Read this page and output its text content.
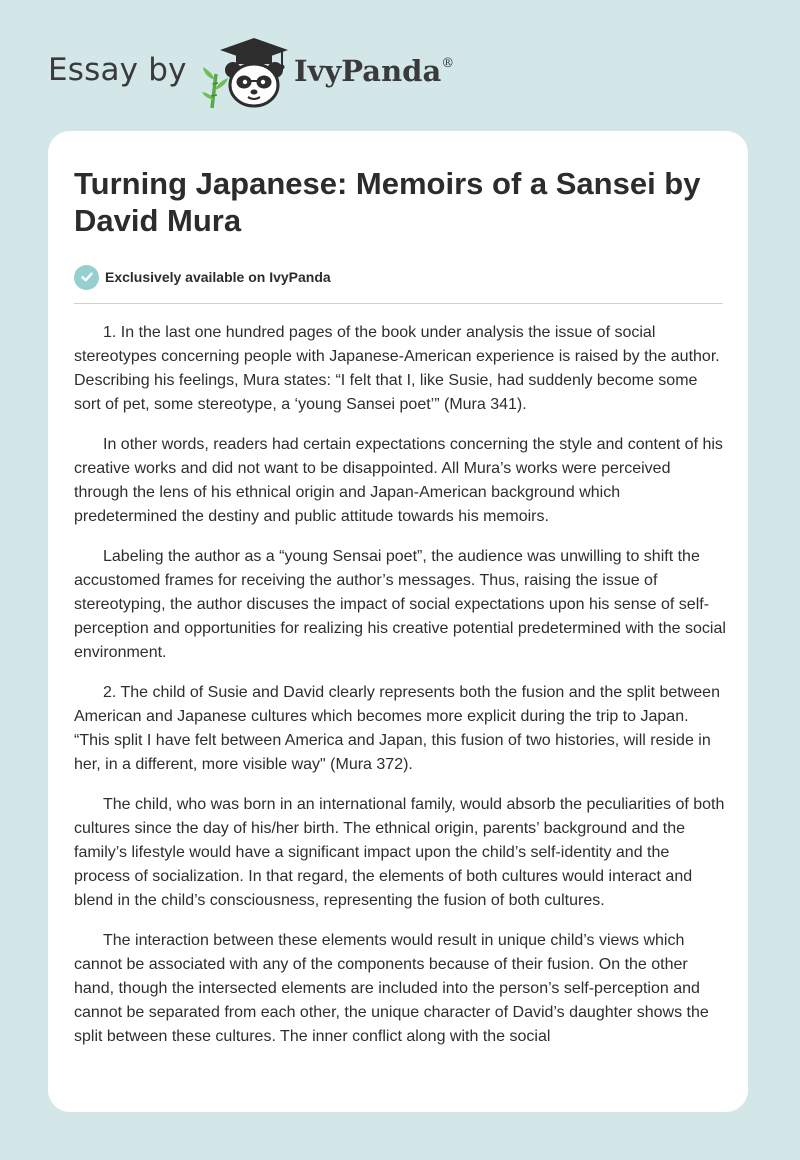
Essay by	IvyPanda®
Turning Japanese: Memoirs of a Sansei by David Mura
Exclusively available on IvyPanda

1. In the last one hundred pages of the book under analysis the issue of social stereotypes concerning people with Japanese-American experience is raised by the author. Describing his feelings, Mura states: “I felt that I, like Susie, had suddenly become some sort of pet, some stereotype, a ‘young Sansei poet’” (Mura 341).

In other words, readers had certain expectations concerning the style and content of his creative works and did not want to be disappointed. All Mura’s works were perceived through the lens of his ethnical origin and Japan-American background which predetermined the destiny and public attitude towards his memoirs.

Labeling the author as a “young Sensai poet”, the audience was unwilling to shift the accustomed frames for receiving the author’s messages. Thus, raising the issue of stereotyping, the author discuses the impact of social expectations upon his sense of self-perception and opportunities for realizing his creative potential predetermined with the social environment.

2. The child of Susie and David clearly represents both the fusion and the split between American and Japanese cultures which becomes more explicit during the trip to Japan. “This split I have felt between America and Japan, this fusion of two histories, will reside in her, in a different, more visible way" (Mura 372).

The child, who was born in an international family, would absorb the peculiarities of both cultures since the day of his/her birth. The ethnical origin, parents’ background and the family’s lifestyle would have a significant impact upon the child’s self-identity and the process of socialization. In that regard, the elements of both cultures would interact and blend in the child’s consciousness, representing the fusion of both cultures.

The interaction between these elements would result in unique child’s views which cannot be associated with any of the components because of their fusion. On the other hand, though the intersected elements are included into the person’s self-perception and cannot be separated from each other, the unique character of David’s daughter shows the split between these cultures. The inner conflict along with the social
